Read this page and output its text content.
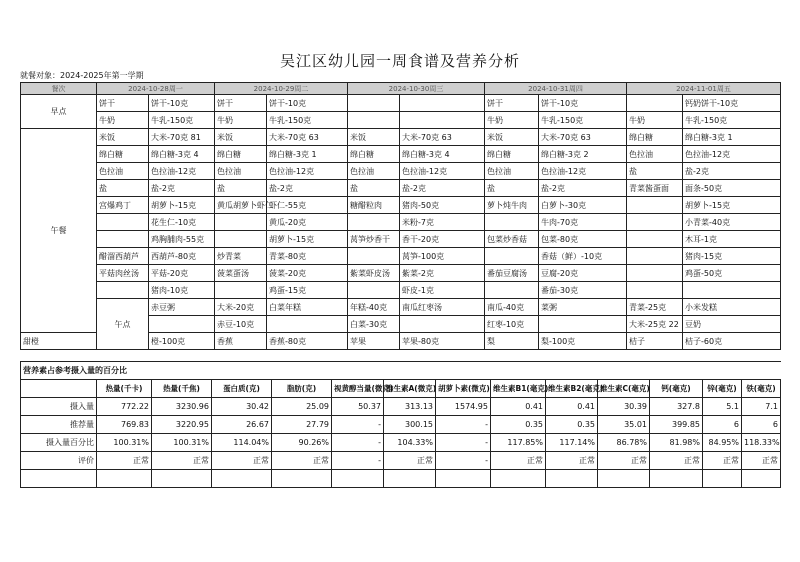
吴江区幼儿园一周食谱及营养分析
就餐对象：2024-2025年第一学期
餐次	2024-10-28周一		2024-10-29周二		2024-10-30周三		2024-10-31周四		2024-11-01周五		
早点	饼干	饼干-10克	饼干	饼干-10克			饼干	饼干-10克		钙奶饼干-10克	
	牛奶	牛乳-150克	牛奶	牛乳-150克			牛奶	牛乳-150克	牛奶	牛乳-150克	
午餐	米饭	大米-70克 81	米饭	大米-70克 63	米饭	大米-70克 63	米饭	大米-70克 63	绵白糖	绵白糖-3克 1	
	绵白糖	绵白糖-3克 4	绵白糖	绵白糖-3克 1	绵白糖	绵白糖-3克 4	绵白糖	绵白糖-3克 2	色拉油	色拉油-12克	
	色拉油	色拉油-12克	色拉油	色拉油-12克	色拉油	色拉油-12克	色拉油	色拉油-12克	盐	盐-2克	
	盐	盐-2克	盐	盐-2克	盐	盐-2克	盐	盐-2克	青菜酱蛋面	面条-50克	
	宫爆鸡丁	胡萝卜-15克	黄瓜胡萝卜虾仁	虾仁-55克	糖醋粒肉	猪肉-50克	萝卜炖牛肉	白萝卜-30克		胡萝卜-15克	
		花生仁-10克		黄瓜-20克		米粉-7克		牛肉-70克		小青菜-40克	
		鸡胸脯肉-55克		胡萝卜-15克	莴笋炒香干	香干-20克	包菜炒香菇	包菜-80克		木耳-1克	
	醋溜西葫芦	西葫芦-80克	炒青菜	青菜-80克		莴笋-100克		香菇（鲜）-10克		猪肉-15克	
	平菇肉丝汤	平菇-20克	菠菜蛋汤	菠菜-20克	紫菜虾皮汤	紫菜-2克	番茄豆腐汤	豆腐-20克		鸡蛋-50克	
		猪肉-10克		鸡蛋-15克		虾皮-1克		番茄-30克			
	午点	赤豆粥	大米-20克	白菜年糕	年糕-40克	南瓜红枣汤	南瓜-40克	菜粥	青菜-25克	小米发糕	
			赤豆-10克		白菜-30克		红枣-10克		大米-25克 22	豆奶	
甜橙		橙-100克	香蕉	香蕉-80克	苹果	苹果-80克	梨	梨-100克	桔子	桔子-60克	
营养素占参考摄入量的百分比													
	热量(千卡)	热量(千焦)	蛋白质(克)	脂肪(克)	视黄醇当量(微克)	维生素A(微克)	胡萝卜素(微克)	维生素B1(毫克)	维生素B2(毫克)	维生素C(毫克)	钙(毫克)	锌(毫克)	铁(毫克)
摄入量	772.22	3230.96	30.42	25.09	50.37	313.13	1574.95	0.41	0.41	30.39	327.8	5.1	7.1
推荐量	769.83	3220.95	26.67	27.79	-	300.15	-	0.35	0.35	35.01	399.85	6	6
摄入量百分比	100.31%	100.31%	114.04%	90.26%	-	104.33%	-	117.85%	117.14%	86.78%	81.98%	84.95%	118.33%
评价	正常	正常	正常	正常	-	正常	-	正常	正常	正常	正常	正常	正常
